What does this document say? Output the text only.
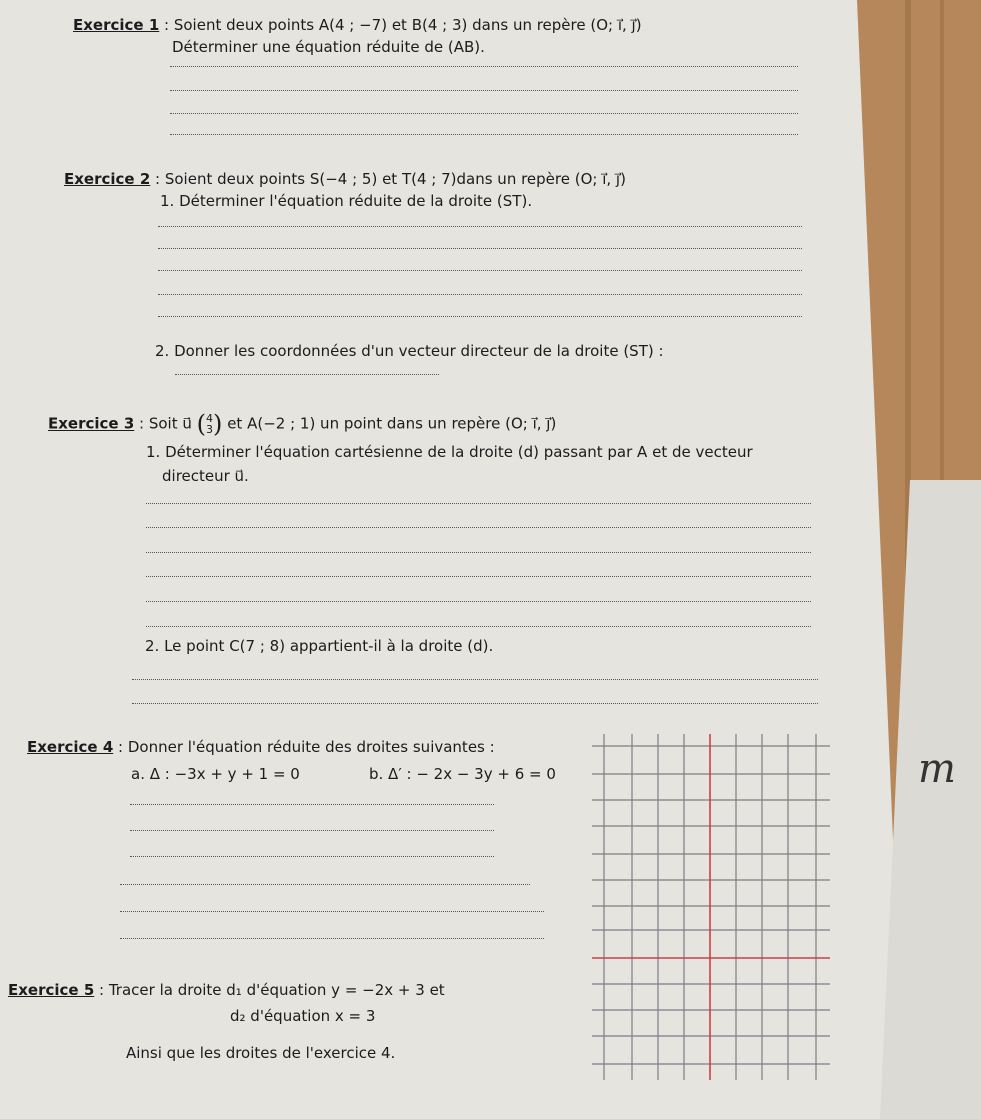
Exercice 1 : Soient deux points A(4 ; −7) et B(4 ; 3) dans un repère (O; i⃗, j⃗)
Déterminer une équation réduite de (AB).
Exercice 2 : Soient deux points S(−4 ; 5) et T(4 ; 7)dans un repère (O; i⃗, j⃗)
1. Déterminer l'équation réduite de la droite (ST).
2. Donner les coordonnées d'un vecteur directeur de la droite (ST) :
Exercice 3 : Soit u⃗ (4
3) et A(−2 ; 1) un point dans un repère (O; i⃗, j⃗)
1. Déterminer l'équation cartésienne de la droite (d) passant par A et de vecteur
directeur u⃗.
2. Le point C(7 ; 8) appartient-il à la droite (d).
Exercice 4 : Donner l'équation réduite des droites suivantes :
a. Δ : −3x + y + 1 = 0	b. Δ′ : − 2x − 3y + 6 = 0
Exercice 5 : Tracer la droite d₁ d'équation y = −2x + 3 et
d₂ d'équation x = 3
Ainsi que les droites de l'exercice 4.
m
